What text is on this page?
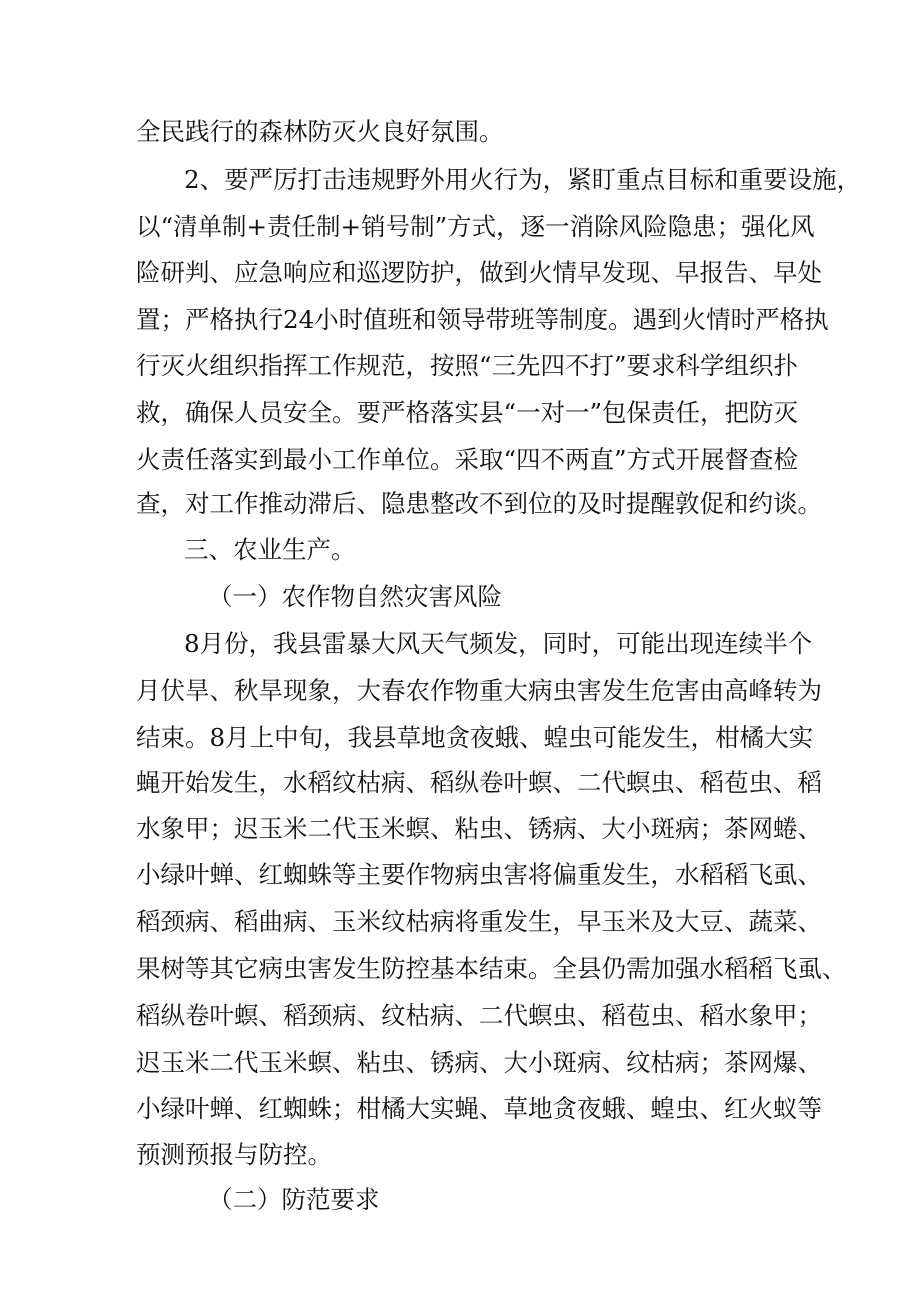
全民践行的森林防灭火良好氛围。
2、要严厉打击违规野外用火行为，紧盯重点目标和重要设施，
以“清单制+责任制+销号制”方式，逐一消除风险隐患；强化风
险研判、应急响应和巡逻防护，做到火情早发现、早报告、早处
置；严格执行24小时值班和领导带班等制度。遇到火情时严格执
行灭火组织指挥工作规范，按照“三先四不打”要求科学组织扑
救，确保人员安全。要严格落实县“一对一”包保责任，把防灭
火责任落实到最小工作单位。采取“四不两直”方式开展督查检
查，对工作推动滞后、隐患整改不到位的及时提醒敦促和约谈。
三、农业生产。
（一）农作物自然灾害风险
8月份，我县雷暴大风天气频发，同时，可能出现连续半个
月伏旱、秋旱现象，大春农作物重大病虫害发生危害由高峰转为
结束。8月上中旬，我县草地贪夜蛾、蝗虫可能发生，柑橘大实
蝇开始发生，水稻纹枯病、稻纵卷叶螟、二代螟虫、稻苞虫、稻
水象甲；迟玉米二代玉米螟、粘虫、锈病、大小斑病；茶网蜷、
小绿叶蝉、红蜘蛛等主要作物病虫害将偏重发生，水稻稻飞虱、
稻颈病、稻曲病、玉米纹枯病将重发生，早玉米及大豆、蔬菜、
果树等其它病虫害发生防控基本结束。全县仍需加强水稻稻飞虱、
稻纵卷叶螟、稻颈病、纹枯病、二代螟虫、稻苞虫、稻水象甲；
迟玉米二代玉米螟、粘虫、锈病、大小斑病、纹枯病；茶网爆、
小绿叶蝉、红蜘蛛；柑橘大实蝇、草地贪夜蛾、蝗虫、红火蚁等
预测预报与防控。
（二）防范要求
